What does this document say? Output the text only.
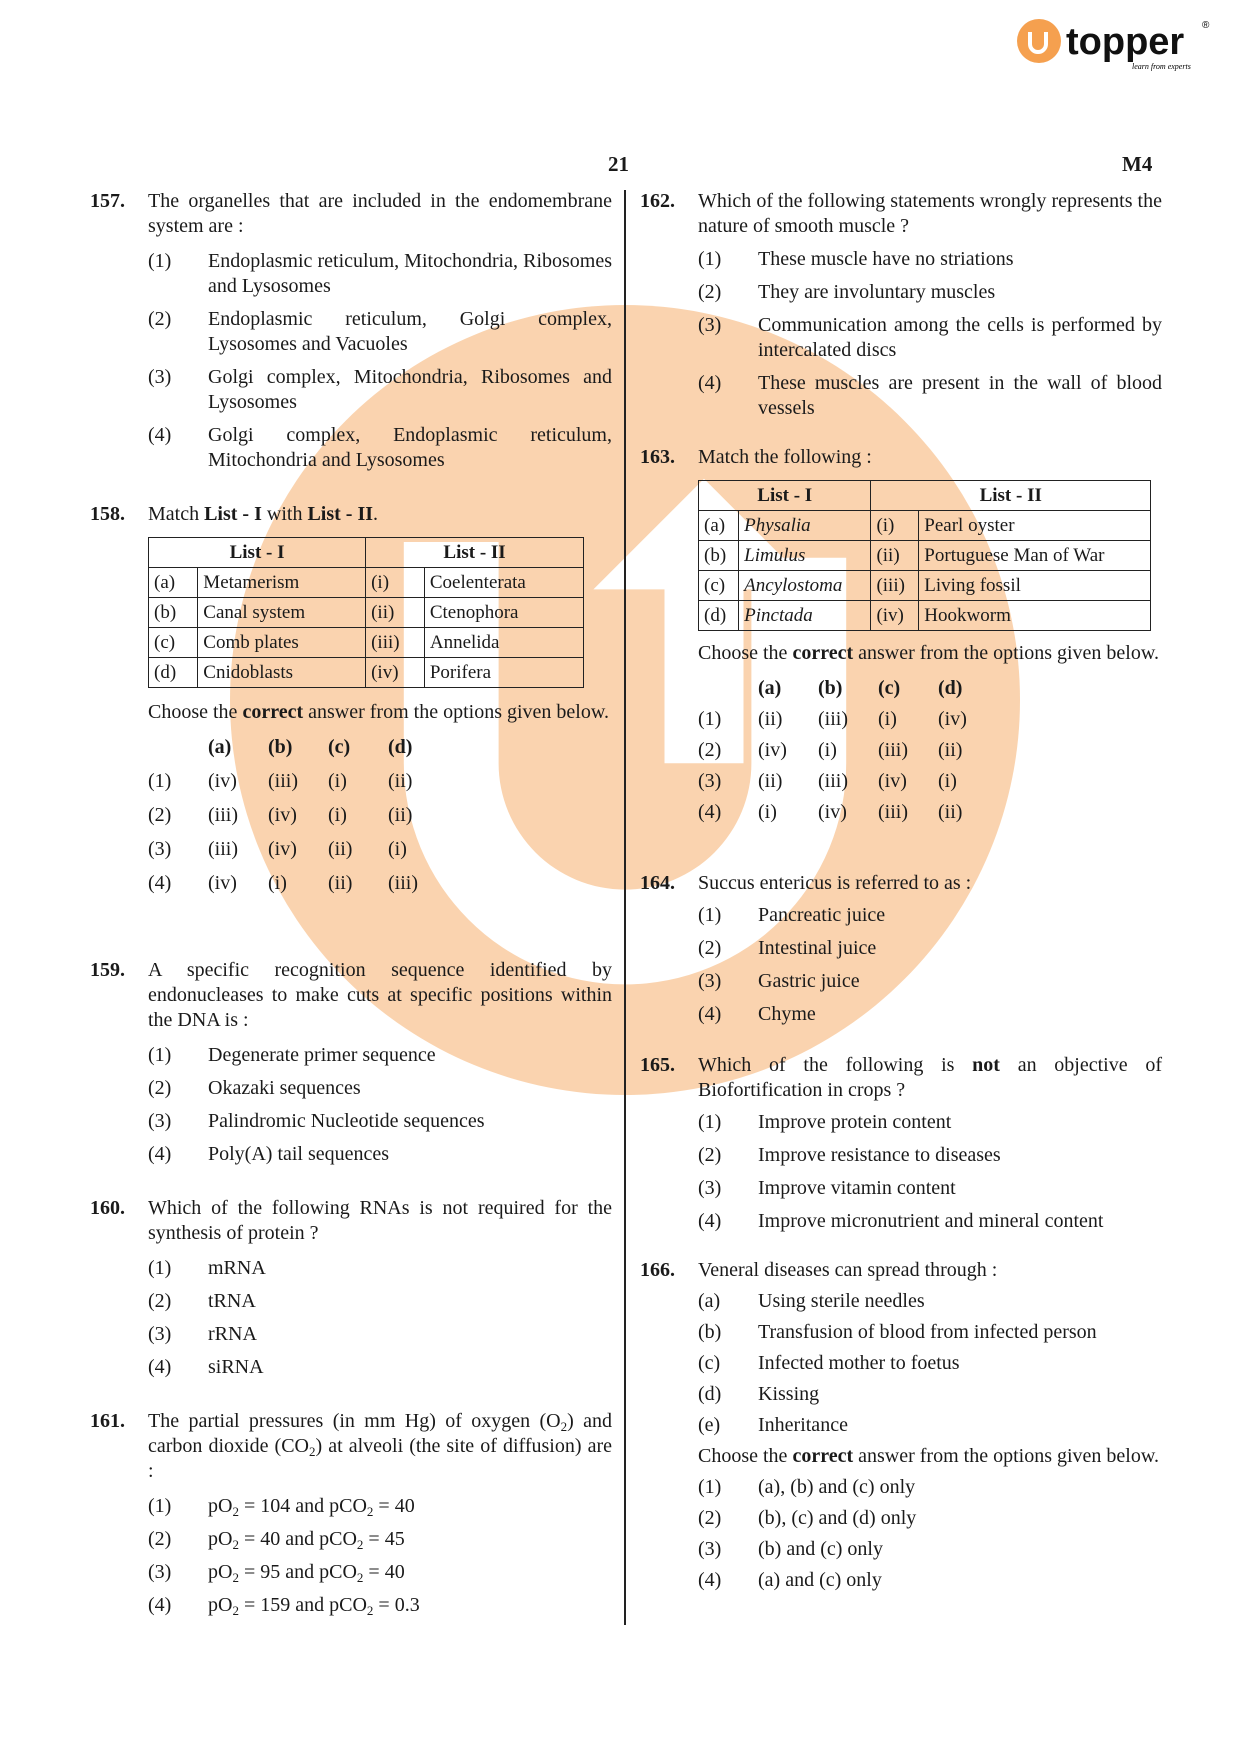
topper ®
learn from experts
21	M4
157.	The organelles that are included in the endomembrane system are :
(1)	Endoplasmic reticulum, Mitochondria, Ribosomes and Lysosomes
(2)	Endoplasmic reticulum, Golgi complex, Lysosomes and Vacuoles
(3)	Golgi complex, Mitochondria, Ribosomes and Lysosomes
(4)	Golgi complex, Endoplasmic reticulum, Mitochondria and Lysosomes
158.	Match List - I with List - II.
List - I		List - II	
(a)	Metamerism	(i)	Coelenterata
(b)	Canal system	(ii)	Ctenophora
(c)	Comb plates	(iii)	Annelida
(d)	Cnidoblasts	(iv)	Porifera
Choose the correct answer from the options given below.
(a)	(b)	(c)	(d)
(1)	(iv)	(iii)	(i)	(ii)
(2)	(iii)	(iv)	(i)	(ii)
(3)	(iii)	(iv)	(ii)	(i)
(4)	(iv)	(i)	(ii)	(iii)
159.	A specific recognition sequence identified by endonucleases to make cuts at specific positions within the DNA is :
(1)	Degenerate primer sequence
(2)	Okazaki sequences
(3)	Palindromic Nucleotide sequences
(4)	Poly(A) tail sequences
160.	Which of the following RNAs is not required for the synthesis of protein ?
(1)	mRNA
(2)	tRNA
(3)	rRNA
(4)	siRNA
161.	The partial pressures (in mm Hg) of oxygen $(O_2)$ and carbon dioxide $(CO_2)$ at alveoli (the site of diffusion) are :
(1)	$pO_2 = 104$ and pCO$_2$ = 40
(2)	$pO_2 = 40$ and pCO$_2$ = 45
(3)	$pO_2 = 95$ and pCO$_2$ = 40
(4)	$pO_2 = 159$ and pCO$_2$ = 0.3
162.	Which of the following statements wrongly represents the nature of smooth muscle ?
(1)	These muscle have no striations
(2)	They are involuntary muscles
(3)	Communication among the cells is performed by intercalated discs
(4)	These muscles are present in the wall of blood vessels
163.	Match the following :
List - I		List - II	
(a)	Physalia	(i)	Pearl oyster
(b)	Limulus	(ii)	Portuguese Man of War
(c)	Ancylostoma	(iii)	Living fossil
(d)	Pinctada	(iv)	Hookworm
Choose the correct answer from the options given below.
(a)	(b)	(c)	(d)
(1)	(ii)	(iii)	(i)	(iv)
(2)	(iv)	(i)	(iii)	(ii)
(3)	(ii)	(iii)	(iv)	(i)
(4)	(i)	(iv)	(iii)	(ii)
164.	Succus entericus is referred to as :
(1)	Pancreatic juice
(2)	Intestinal juice
(3)	Gastric juice
(4)	Chyme
165.	Which of the following is not an objective of Biofortification in crops ?
(1)	Improve protein content
(2)	Improve resistance to diseases
(3)	Improve vitamin content
(4)	Improve micronutrient and mineral content
166.	Veneral diseases can spread through :
(a)	Using sterile needles
(b)	Transfusion of blood from infected person
(c)	Infected mother to foetus
(d)	Kissing
(e)	Inheritance
Choose the correct answer from the options given below.
(1)	(a), (b) and (c) only
(2)	(b), (c) and (d) only
(3)	(b) and (c) only
(4)	(a) and (c) only
